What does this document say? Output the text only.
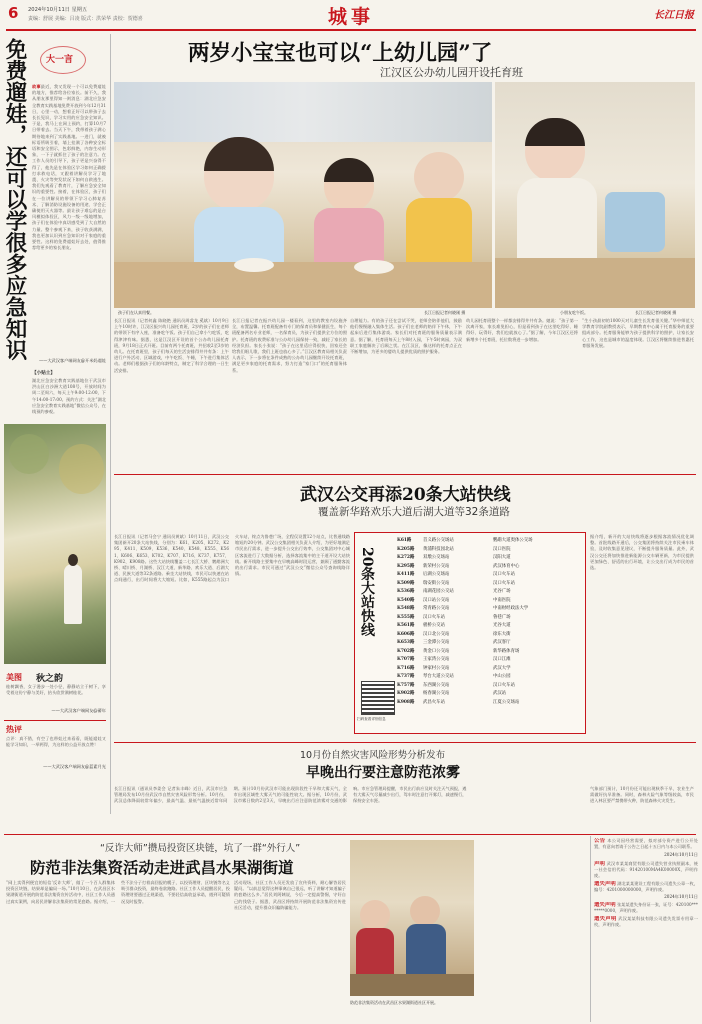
6 2024年10月11日 星期五
责编：舒展 美编：吕凌 版式：洪荣华 责校：贺德喜	城事	长江日报
大一言
免费遛娃，还可以学很多应急知识 故事最近，我又发现一个可以免费遛娃的地方，推荐给各位家长。前不久，我从朋友那里得知一则消息：湖北应急安全教育实践基地免费开放到今年12月31日，心里一动，想着正好可以带孩子去长长见识，学习实用的应急安全知识。于是，我马上在网上预约，打算10月7日带着去。当天下午，我带着孩子满心期待地来到了实践基地。一进门，就被标语所吸引着，墙上挂满了各种安全标语和安全图示，色彩鲜艳，内容生动形象，一下子就抓住了孩子的注意力。在工作人员的引导下，孩子更是兴奋得不得了，他先是在体验区学习如何正确拨打求救电话，又跟着讲解员学习了地震、火灾等突发状况下如何自救逃生。我们先观看了教育片，了解应急安全知识的重要性。接着，在体验区，孩子们在一位讲解员的带领下学习心肺复苏术、了解消防设施设备的用途、学会正确使用灭火器等。最让孩子难忘的是台风模拟体验区，风力一级一级地增加，孩子们在体验中真切感受到了大自然的力量。整个参观下来，孩子收获满满，我也更加认识到应急知识对于家庭的重要性。这样的免费遛娃好去处，值得推荐给更多的家长朋友。
——大武汉客户端网友@开米妈遛娃
【小贴士】
湖北应急安全教育实践基地位于武汉市洪山区白沙洲大道108号，开放时间为周二至周六，每天上午9:00-12:00，下午14:00-17:00。预约方式：关注“湖北应急安全教育实践基地”微信公众号，在线预约参观。
美图 秋之韵
桂树飘香，女子漫步一处小径，静静站立于树下，享受着这份宁静与美好，抬头欣赏满树桂花。
——大武汉客户端网友@蓄年
热评
点评：真不错，有空了也带娃过来看看，既能遛娃又能学习知识，一举两得，为这样的公益开放点赞！
——大武汉客户端网友@蓝素月光
两岁小宝宝也可以“上幼儿园”了
江汉区公办幼儿园开设托育班
孩子们在认真用餐。	长江日报记者何晓刚 摄	小朋友吃午饭。	长江日报记者何晓刚 摄
长江日报讯（记者何鑫 陈晓艳 通讯员周睿龙 奚斌）10月9日上午10时许，江汉区振兴幼儿园托育班，2岁的孩子们在老师的带领下有序入座，准备吃午饭。孩子们自己拿小勺吃饭，吃得津津有味。据悉，这是江汉区开设的首个公办幼儿园托育班，9月18日正式开班。目前有两个托育班，共招收2至3岁的幼儿。在托育班里，孩子们每天的生活安排得井井有条：上午进行户外活动、区域游戏，中午吃饭、午睡，下午进行集体活动。老师们根据孩子们的年龄特点，制定了科学合理的一日生活安排。
长江日报记者在振兴幼儿园一楼看到，这里的教室内设施齐全，布置温馨。托育班配备有专门的保育员和保健医生，每个班配备两名专业老师，一名保育员，为孩子们提供全方位的照护。托育班的收费标准与公办幼儿园保持一致，减轻了家长的经济负担。家长小张说：“孩子在这里适应得很快，回家还会给我们唱儿歌，我们上班也放心多了。”江汉区教育局相关负责人表示，下一步将在条件成熟的公办幼儿园继续开设托育班，满足更多家庭的托育需求，努力打造“家门口”的托育服务体系。
自理能力。有的孩子还在尝试不哭，老师会陪伴他们，鼓励他们慢慢融入集体生活。孩子们在老师的陪伴下午休，下午起床后进行集体游戏。家长们对托育班的服务质量表示满意。据了解，托育班每天上午8时入园，下午5时离园，为双职工家庭解决了后顾之忧。在江汉区，像这样的托育点正在不断增加，为更多的婴幼儿提供优质的照护服务。
幼儿园托育班整个一样都安排得井井有条。她说：“孩子第一次离开家，家长难免担心，但是看到孩子在这里吃得好、睡得好、玩得好，我们也就放心了。”据了解，今年江汉区还将新增多个托育班，托位数将进一步增加。
“生小孩最初的1000天对儿童生长发育很关键。”华中师范大学教育学院副教授表示，早期教育中心属于托育服务的重要组成部分。托育服务能够为孩子提供科学的照护，让家长安心工作，这也是城市的温度体现。江汉区将继续推进普惠托育服务发展。
武汉公交再添20条大站快线
覆盖新华路欢乐大道后湖大道等32条道路
长江日报讯（记者马会宁 通讯员黄斌）10月11日，武汉公交集团新开20条大站快线，分别为：K61、K205、K272、K295、K411、K509、K536、K540、K548、K555、K561、K606、K653、K702、K707、K716、K737、K757、K902、K908路。这些大站快线覆盖二七长江大桥、鹦鹉洲大桥、晴川桥、月湖桥、汉江大道、新华路、欢乐大道、后湖大道、民族大道等32条道路。乘坐大站快线，市民可以快速在站点间通行，出行时间将大大缩短。比如，K555路起点为汉口火车站，终点为鲁巷广场，全程仅设置12个站点，比普通线路缩短约20分钟。武汉公交集团相关负责人介绍，为更好地满足市民出行需求，进一步提升公交出行效率，公交集团对中心城区客流进行了大数据分析，选择客流集中的主干道开设大站快线。新开线路主要集中在早晚高峰时段运营，兼顾了通勤客流的出行需求。市民可通过“武汉公交”微信公众号查询线路详情。	20条大站快线
扫码查看详细信息
K61路	首义路公交场站	鹦鹉大道奥体公交场
K205路	黄浦科技园北站	汉口医院
K272路	双墩公交场站	汉阳大道
K295路	新荣村公交站	武汉体育中心
K411路	后湖公交场站	汉口火车站
K509路	瑞安街公交站	汉口火车站
K536路	南湖花园公交站	光谷广场
K540路	汉口站公交站	中南医院
K548路	常青路公交站	中南财经政法大学
K555路	汉口火车站	鲁巷广场
K561路	板桥公交站	光谷大道
K606路	汉口北公交站	徐东大街
K653路	三金潭公交站	武汉客厅
K702路	黄金口公交站	新华路体育场
K707路	王家湾公交站	汉口江滩
K716路	钟家村公交站	武汉大学
K737路	琴台大道公交站	中山公园
K757路	东西湖公交站	汉口火车站
K902路	杨春湖公交站	武汉站
K908路	武昌火车站	江夏公交场站
据介绍，新开的大站快线将逐步根据客流情况优化调整。首批线路开通后，公交集团将持续关注市民乘车体验，及时收集意见建议，不断提升服务质量。此外，武汉公交还将加快推进新能源公交车辆更新，为市民提供更加绿色、舒适的出行环境，让公交出行成为市民的首选。
10月份自然灾害风险形势分析发布
早晚出行要注意防范浓雾
长江日报讯（通讯员李姜会 记者朱丰峰）近日，武汉市应急管理局发布10月份武汉市自然灾害风险形势分析。10月份，武汉总体降雨较常年偏少，最高气温、最低气温接近常年同期。预计10月份武汉市可能出现阶段性干旱和大雾天气，全市出现区域性大雾天气的可能性较大。据分析，10月份，武汉市雾日数约2至3天，早晚出行应注意防范浓雾对交通的影响。市应急管理局提醒，市民出行前应及时关注天气预报，遇有大雾天气尽量减少出行，驾车时注意打开雾灯，减速慢行，保持安全车距。
气象部门预计，10月份还可能出现秋季干旱，农业生产需做好抗旱准备。同时，森林火险气象等级较高，市民进入林区要严禁携带火种，防范森林火灾发生。
“反诈大师”攒局投资区块链，坑了一群“外行人”
防范非法集资活动走进武昌水果湖街道
“网上卖得到便宜的短信‘反诈大师’，做了一个百人群集体投资区块链，结果却是骗局一场。”10月10日，在武昌区水果湖街道开展的防范非法集资宣传活动中，社区工作人员通过真实案例，向居民讲解非法集资的常见套路。据介绍，一些不法分子打着高回报的幌子，以投资理财、区块链等名义吸引群众投资，最终卷款跑路。社区工作人员提醒居民，投资理财要通过正规渠道，不要轻信高收益承诺，遇到可疑情况及时报警。
活动现场，社区工作人员还发放了宣传资料，耐心解答居民疑问。“以前总觉得这种事离自己很远，听了讲解才知道骗子的套路这么多。”居民刘阿姨说，今后一定提高警惕，守好自己的钱袋子。据悉，武昌区将持续开展防范非法集资宣传进社区活动，提升群众识骗防骗能力。
防范非法集资活动在武昌区水果湖街道社区开展。
公告 本公司因经营需要，拟对部分资产进行公开处置，有意向者请于公告之日起十五日内与本公司联系。
2024年10月11日
声明 武汉市某某商贸有限公司遗失营业执照副本，统一社会信用代码：91420100MA4K00000X，声明作废。
遗失声明 湖北某某建设工程有限公司遗失公章一枚，编号：4201000000000，声明作废。
2024年10月11日
遗失声明 张某某遗失身份证一张，证号：420100********0000，声明作废。
遗失声明 武汉某某科技有限公司遗失发票专用章一枚，声明作废。
